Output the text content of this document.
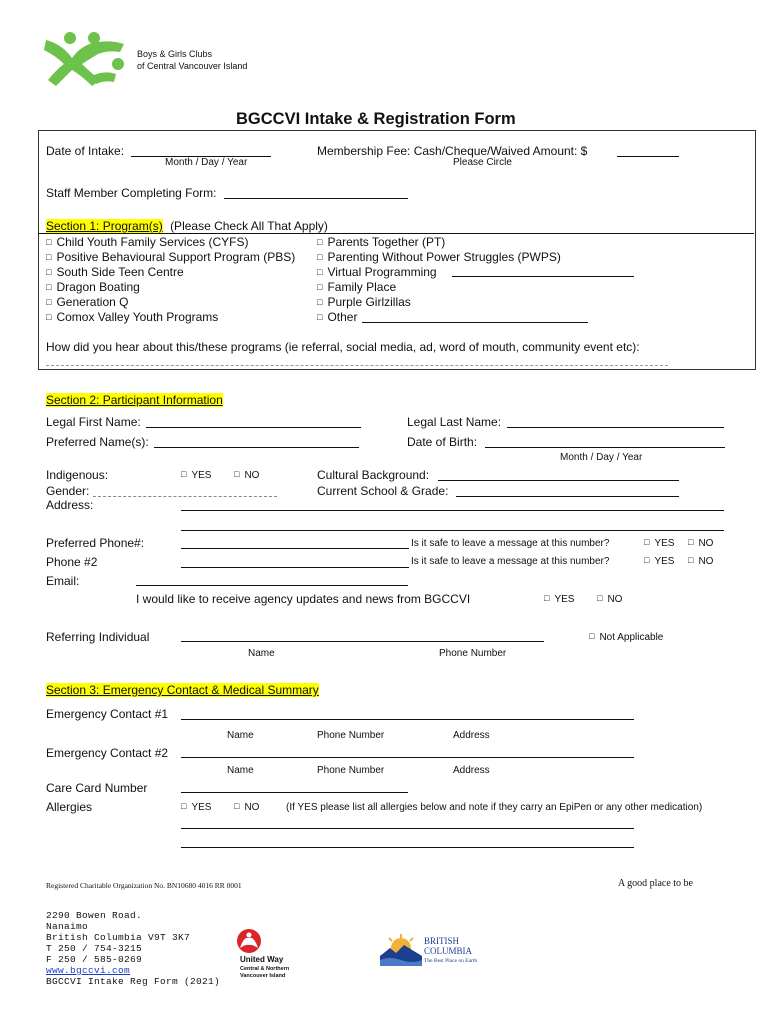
Boys & Girls Clubs
of Central Vancouver Island
BGCCVI Intake & Registration Form
Date of Intake:
Month / Day / Year
Membership Fee: Cash/Cheque/Waived Amount: $
Please Circle
Staff Member Completing Form:
Section 1: Program(s) (Please Check All That Apply)
□ Child Youth Family Services (CYFS)
□ Positive Behavioural Support Program (PBS)
□ South Side Teen Centre
□ Dragon Boating
□ Generation Q
□ Comox Valley Youth Programs
□ Parents Together (PT)
□ Parenting Without Power Struggles (PWPS)
□ Virtual Programming
□ Family Place
□ Purple Girlzillas
□ Other
How did you hear about this/these programs (ie referral, social media, ad, word of mouth, community event etc):
Section 2: Participant Information
Legal First Name:	Legal Last Name:
Preferred Name(s):	Date of Birth:
Month / Day / Year
Indigenous:	□ YES	□ NO	Cultural Background:
Gender:	Current School & Grade:
Address:
Preferred Phone#:	Is it safe to leave a message at this number?	□ YES	□ NO
Phone #2	Is it safe to leave a message at this number?	□ YES	□ NO
Email:
I would like to receive agency updates and news from BGCCVI	□ YES	□ NO
Referring Individual	□ Not Applicable
Name	Phone Number
Section 3: Emergency Contact & Medical Summary
Emergency Contact #1
Name	Phone Number	Address
Emergency Contact #2
Name	Phone Number	Address
Care Card Number
Allergies	□ YES	□ NO	(If YES please list all allergies below and note if they carry an EpiPen or any other medication)
Registered Charitable Organization No. BN10680 4016 RR 0001	A good place to be
2290 Bowen Road.
Nanaimo
British Columbia V9T 3K7
T 250 / 754-3215
F 250 / 585-0269
www.bgccvi.com
BGCCVI Intake Reg Form (2021)
United Way
Central & Northern
Vancouver Island
BRITISH
COLUMBIA
The Best Place on Earth
